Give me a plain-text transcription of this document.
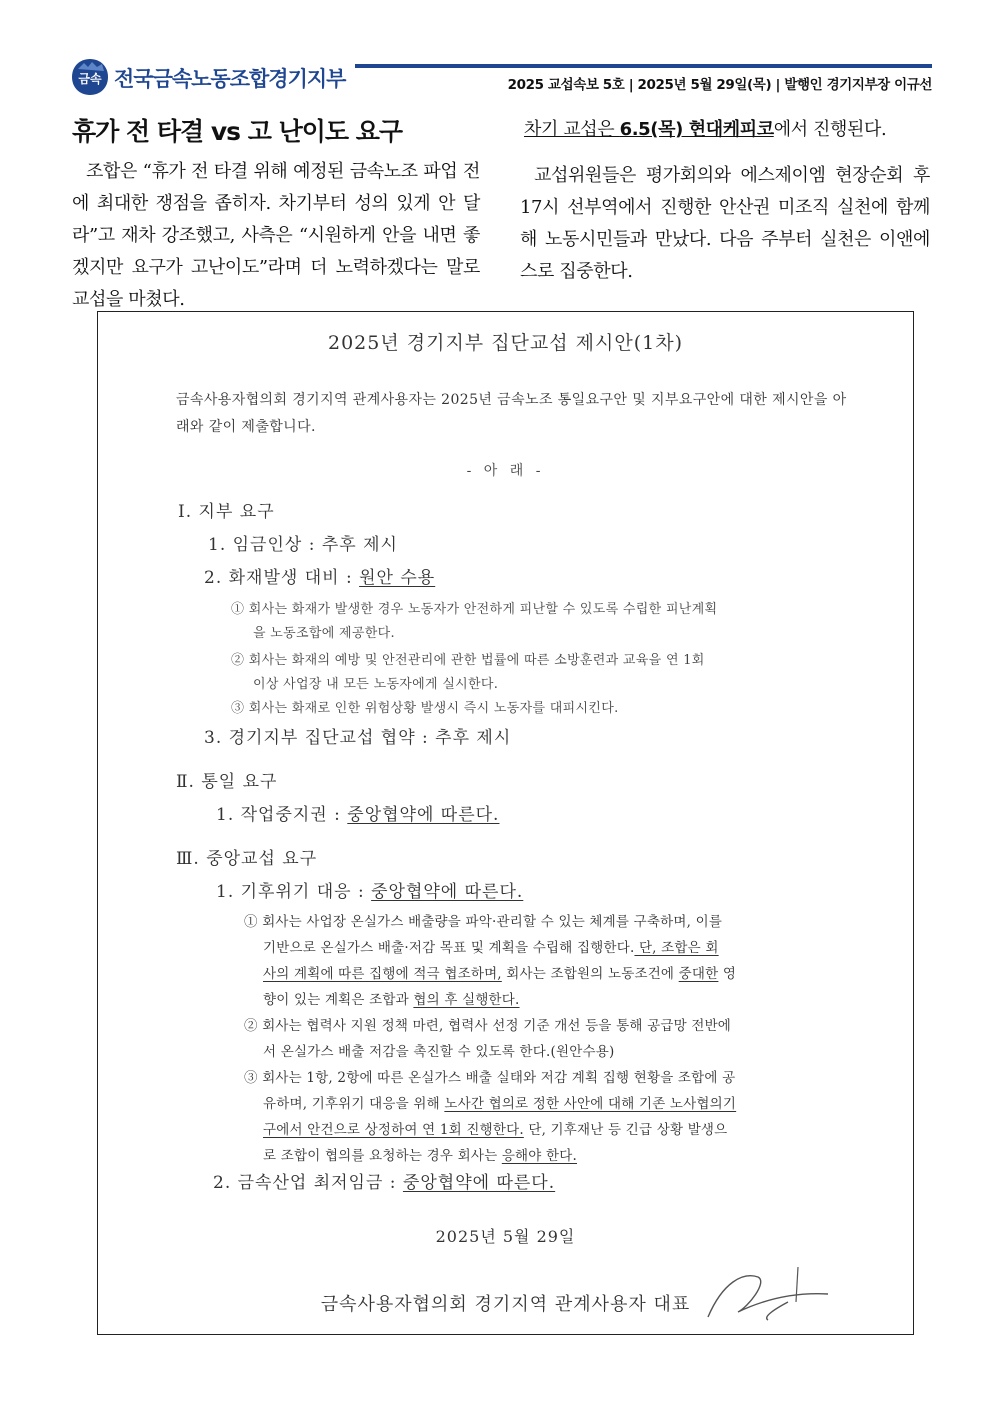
금속 전국금속노동조합경기지부	2025 교섭속보 5호 | 2025년 5월 29일(목) | 발행인 경기지부장 이규선
휴가 전 타결 vs 고 난이도 요구

조합은 “휴가 전 타결 위해 예정된 금속노조 파업 전에 최대한 쟁점을 좁히자. 차기부터 성의 있게 안 달라”고 재차 강조했고, 사측은 “시원하게 안을 내면 좋겠지만 요구가 고난이도”라며 더 노력하겠다는 말로 교섭을 마쳤다.

차기 교섭은 6.5(목) 현대케피코에서 진행된다.

교섭위원들은 평가회의와 에스제이엠 현장순회 후 17시 선부역에서 진행한 안산권 미조직 실천에 함께해 노동시민들과 만났다. 다음 주부터 실천은 이앤에스로 집중한다.

2025년 경기지부 집단교섭 제시안(1차)
금속사용자협의회 경기지역 관계사용자는 2025년 금속노조 통일요구안 및 지부요구안에 대한 제시안을 아래와 같이 제출합니다.
- 아 래 -
Ⅰ. 지부 요구
1. 임금인상 : 추후 제시
2. 화재발생 대비 : 원안 수용
① 회사는 화재가 발생한 경우 노동자가 안전하게 피난할 수 있도록 수립한 피난계획
을 노동조합에 제공한다.
② 회사는 화재의 예방 및 안전관리에 관한 법률에 따른 소방훈련과 교육을 연 1회
이상 사업장 내 모든 노동자에게 실시한다.
③ 회사는 화재로 인한 위험상황 발생시 즉시 노동자를 대피시킨다.
3. 경기지부 집단교섭 협약 : 추후 제시
Ⅱ. 통일 요구
1. 작업중지권 : 중앙협약에 따른다.
Ⅲ. 중앙교섭 요구
1. 기후위기 대응 : 중앙협약에 따른다.
① 회사는 사업장 온실가스 배출량을 파악·관리할 수 있는 체계를 구축하며, 이를
기반으로 온실가스 배출·저감 목표 및 계획을 수립해 집행한다. 단, 조합은 회
사의 계획에 따른 집행에 적극 협조하며, 회사는 조합원의 노동조건에 중대한 영
향이 있는 계획은 조합과 협의 후 실행한다.
② 회사는 협력사 지원 정책 마련, 협력사 선정 기준 개선 등을 통해 공급망 전반에
서 온실가스 배출 저감을 촉진할 수 있도록 한다.(원안수용)
③ 회사는 1항, 2항에 따른 온실가스 배출 실태와 저감 계획 집행 현황을 조합에 공
유하며, 기후위기 대응을 위해 노사간 협의로 정한 사안에 대해 기존 노사협의기
구에서 안건으로 상정하여 연 1회 진행한다. 단, 기후재난 등 긴급 상황 발생으
로 조합이 협의를 요청하는 경우 회사는 응해야 한다.
2. 금속산업 최저임금 : 중앙협약에 따른다.
2025년 5월 29일
금속사용자협의회 경기지역 관계사용자 대표
